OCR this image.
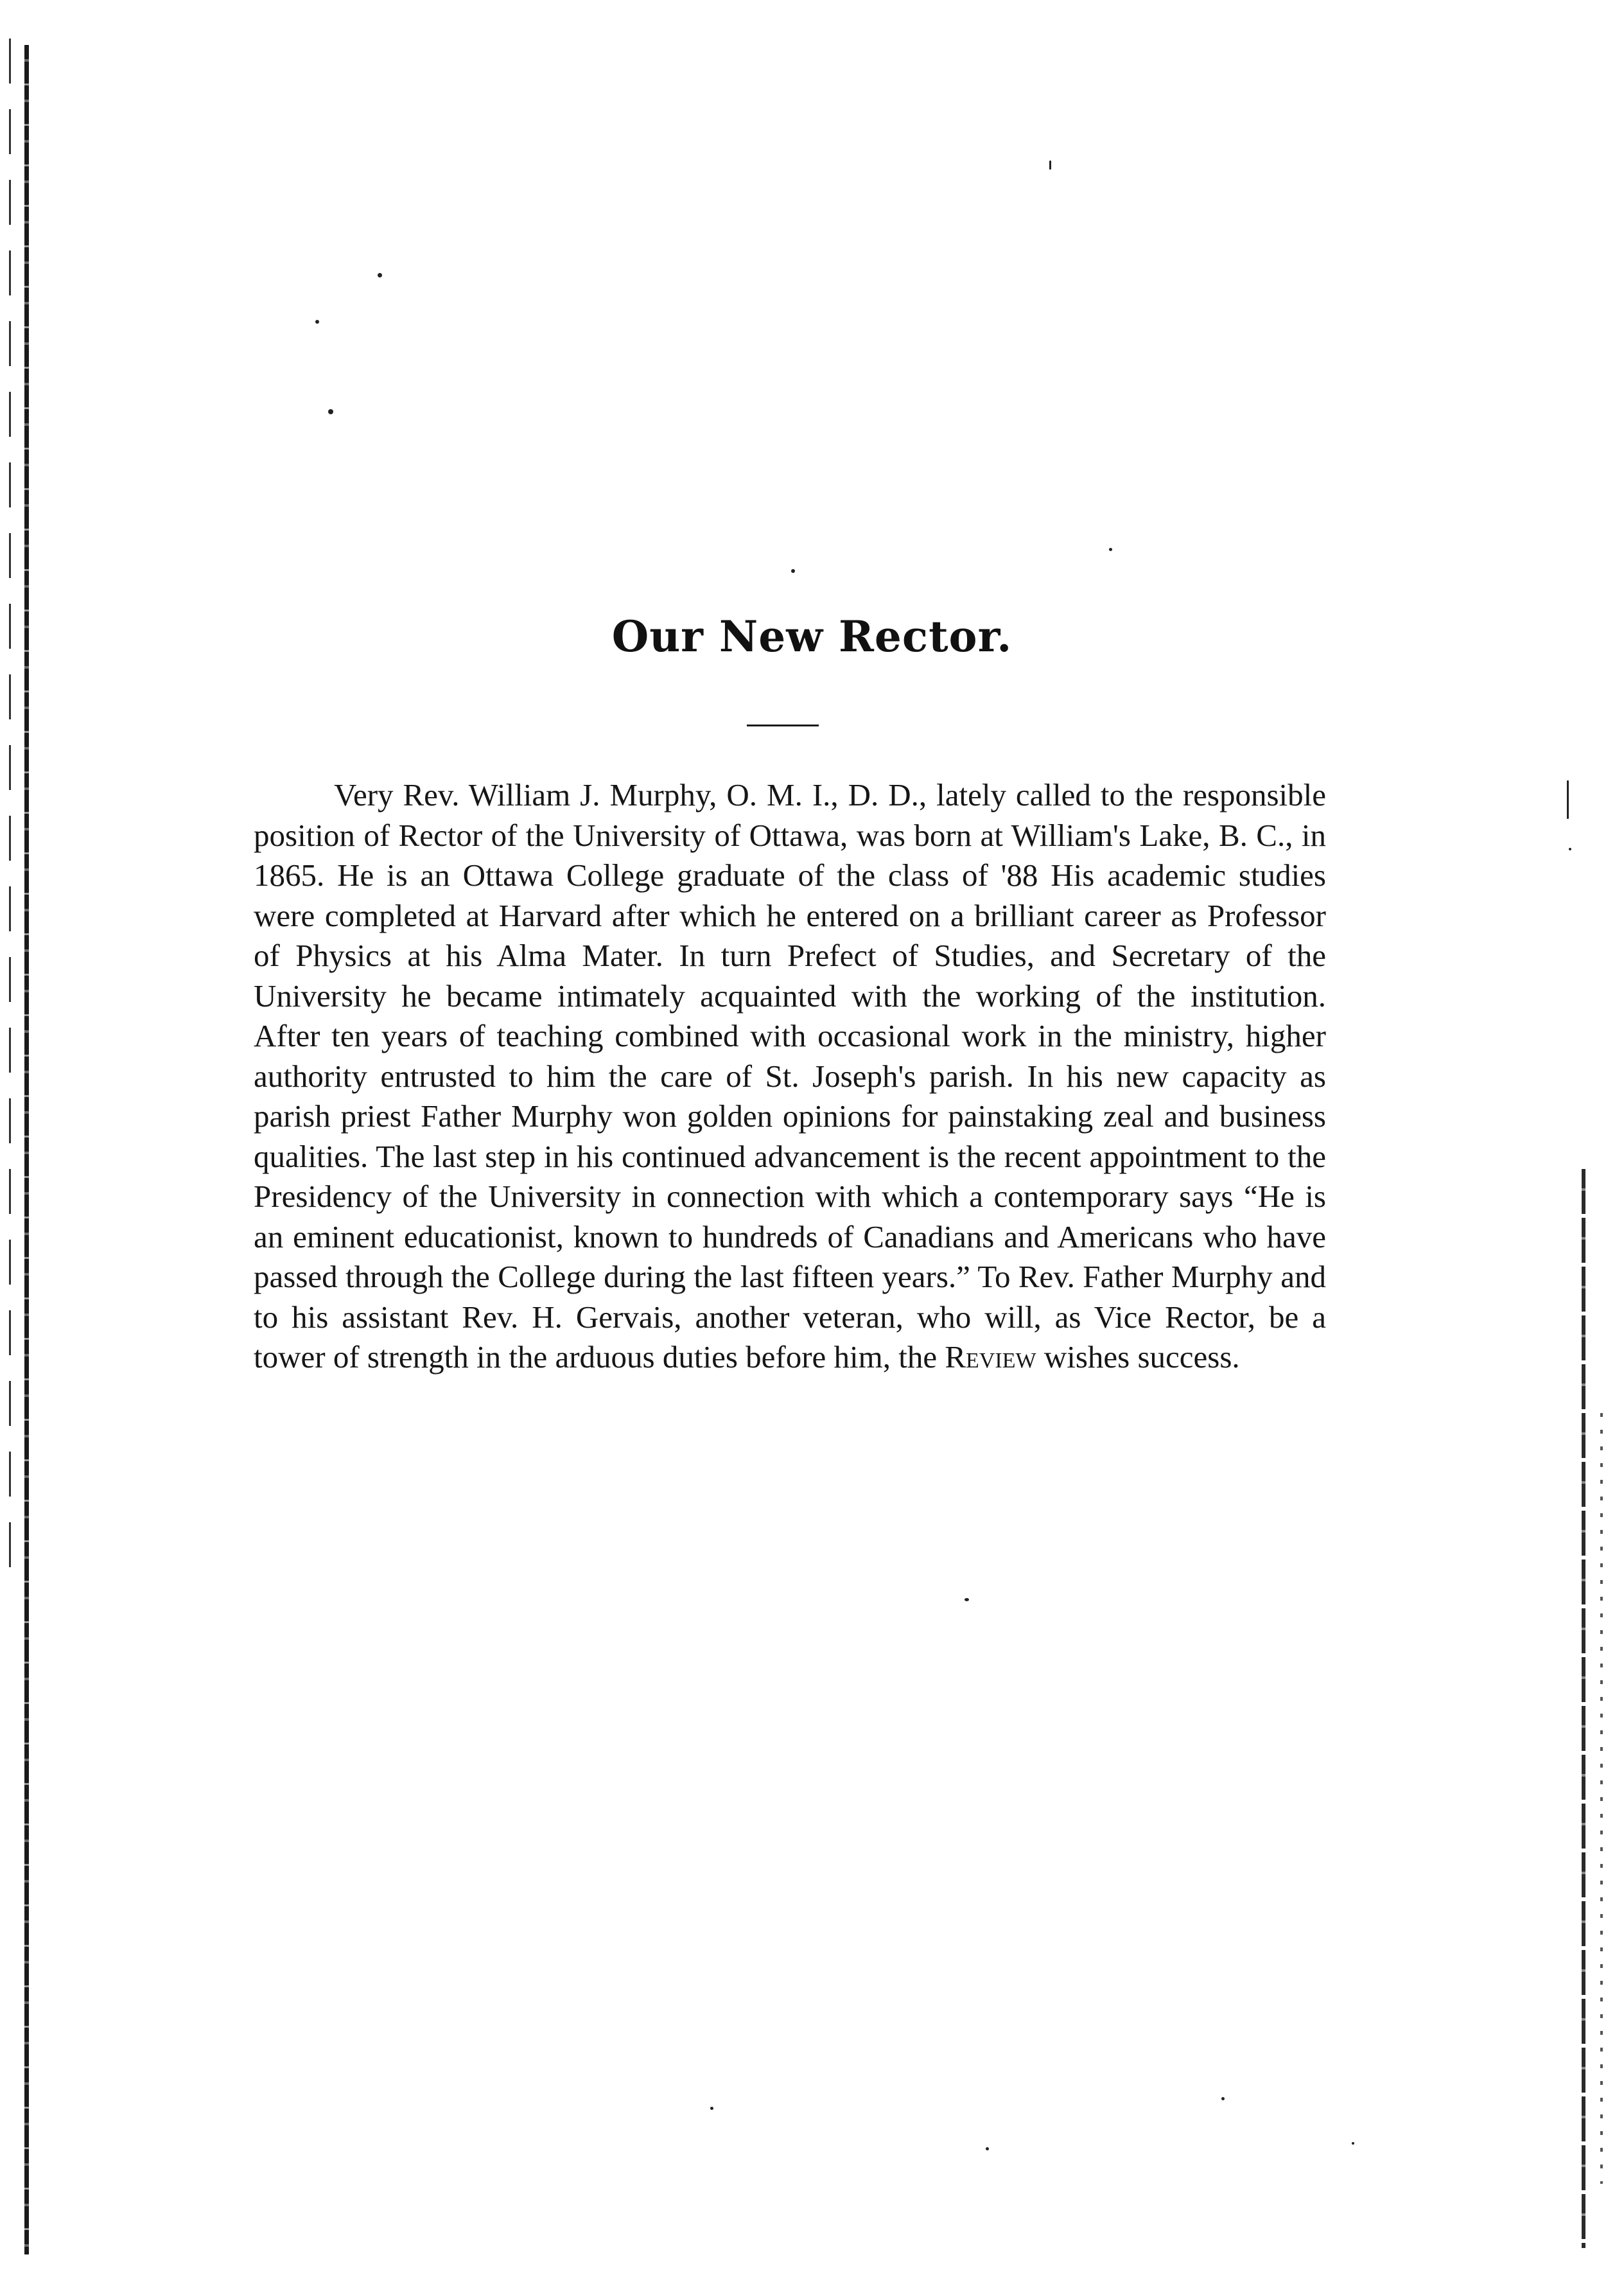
Our New Rector.

Very Rev. William J. Murphy, O. M. I., D. D., lately called to the responsible position of Rector of the University of Ottawa, was born at William's Lake, B. C., in 1865. He is an Ottawa College graduate of the class of '88 His academic studies were completed at Harvard after which he entered on a brilliant career as Professor of Physics at his Alma Mater. In turn Prefect of Studies, and Secretary of the University he became intimately acquainted with the working of the institution. After ten years of teaching combined with occasional work in the ministry, higher authority entrusted to him the care of St. Joseph's parish. In his new capacity as parish priest Father Murphy won golden opinions for painstaking zeal and business qualities. The last step in his continued advancement is the recent appointment to the Presidency of the University in connection with which a contemporary says “He is an eminent educationist, known to hundreds of Canadians and Americans who have passed through the College during the last fifteen years.” To Rev. Father Murphy and to his assistant Rev. H. Gervais, another veteran, who will, as Vice Rector, be a tower of strength in the arduous duties before him, the Review wishes success.
